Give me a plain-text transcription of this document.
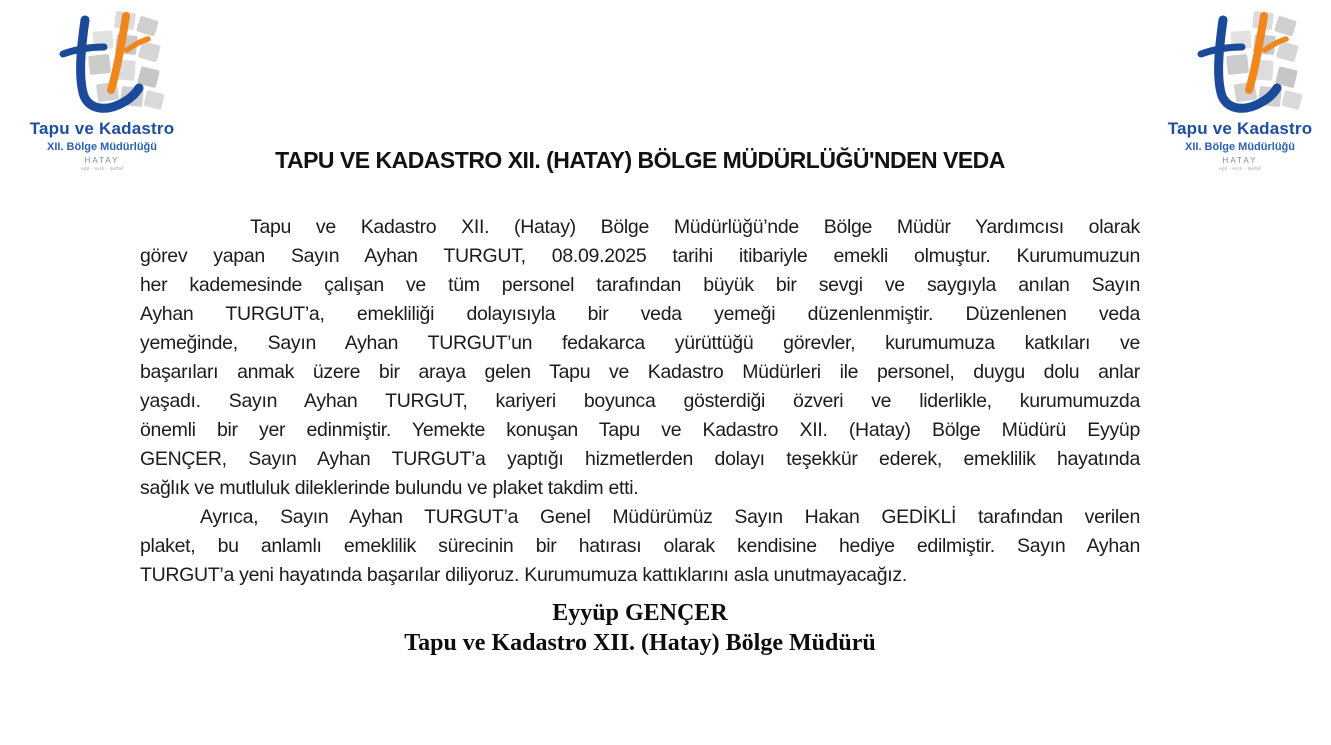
Tapu ve Kadastro
XII. Bölge Müdürlüğü
HATAY
Adil - Hızlı - Şeffaf
Tapu ve Kadastro
XII. Bölge Müdürlüğü
HATAY
Adil - Hızlı - Şeffaf
TAPU VE KADASTRO XII. (HATAY) BÖLGE MÜDÜRLÜĞÜ'NDEN VEDA
Tapu ve Kadastro XII. (Hatay) Bölge Müdürlüğü’nde Bölge Müdür Yardımcısı olarak
görev yapan Sayın Ayhan TURGUT, 08.09.2025 tarihi itibariyle emekli olmuştur. Kurumumuzun
her kademesinde çalışan ve tüm personel tarafından büyük bir sevgi ve saygıyla anılan Sayın
Ayhan TURGUT’a, emekliliği dolayısıyla bir veda yemeği düzenlenmiştir. Düzenlenen veda
yemeğinde, Sayın Ayhan TURGUT’un fedakarca yürüttüğü görevler, kurumumuza katkıları ve
başarıları anmak üzere bir araya gelen Tapu ve Kadastro Müdürleri ile personel, duygu dolu anlar
yaşadı. Sayın Ayhan TURGUT, kariyeri boyunca gösterdiği özveri ve liderlikle, kurumumuzda
önemli bir yer edinmiştir. Yemekte konuşan Tapu ve Kadastro XII. (Hatay) Bölge Müdürü Eyyüp
GENÇER, Sayın Ayhan TURGUT’a yaptığı hizmetlerden dolayı teşekkür ederek, emeklilik hayatında
sağlık ve mutluluk dileklerinde bulundu ve plaket takdim etti.
Ayrıca, Sayın Ayhan TURGUT’a Genel Müdürümüz Sayın Hakan GEDİKLİ tarafından verilen
plaket, bu anlamlı emeklilik sürecinin bir hatırası olarak kendisine hediye edilmiştir. Sayın Ayhan
TURGUT’a yeni hayatında başarılar diliyoruz. Kurumumuza kattıklarını asla unutmayacağız.
Eyyüp GENÇER
Tapu ve Kadastro XII. (Hatay) Bölge Müdürü
